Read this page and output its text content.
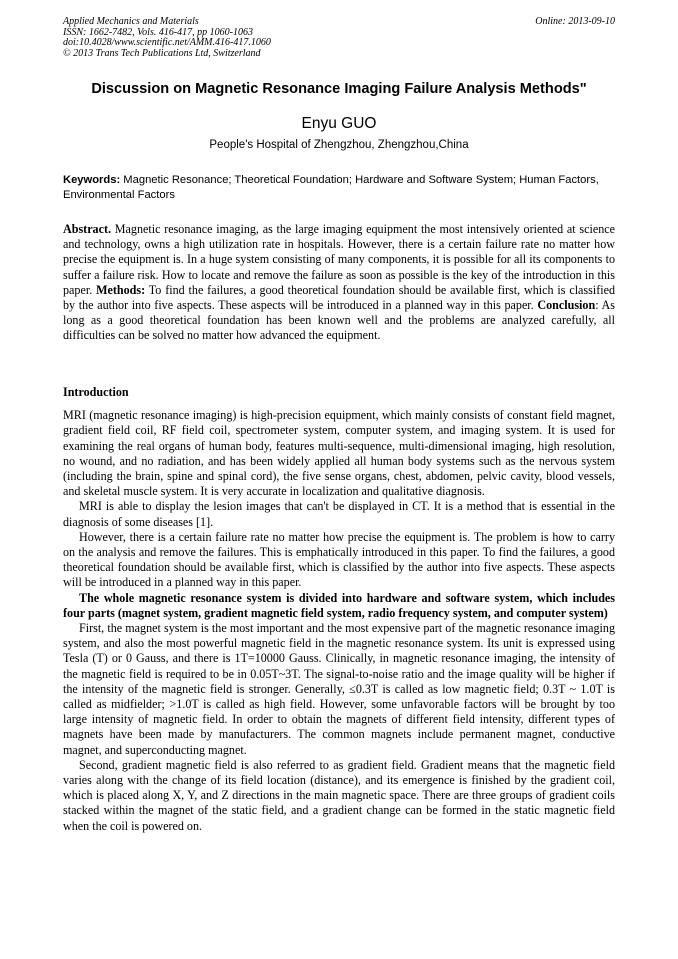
Applied Mechanics and Materials
ISSN: 1662-7482, Vols. 416-417, pp 1060-1063
doi:10.4028/www.scientific.net/AMM.416-417.1060
© 2013 Trans Tech Publications Ltd, Switzerland
Online: 2013-09-10
Discussion on Magnetic Resonance Imaging Failure Analysis Methods"
Enyu GUO
People's Hospital of Zhengzhou, Zhengzhou,China
Keywords: Magnetic Resonance; Theoretical Foundation; Hardware and Software System; Human Factors, Environmental Factors
Abstract. Magnetic resonance imaging, as the large imaging equipment the most intensively oriented at science and technology, owns a high utilization rate in hospitals. However, there is a certain failure rate no matter how precise the equipment is. In a huge system consisting of many components, it is possible for all its components to suffer a failure risk. How to locate and remove the failure as soon as possible is the key of the introduction in this paper. Methods: To find the failures, a good theoretical foundation should be available first, which is classified by the author into five aspects. These aspects will be introduced in a planned way in this paper. Conclusion: As long as a good theoretical foundation has been known well and the problems are analyzed carefully, all difficulties can be solved no matter how advanced the equipment.
Introduction

MRI (magnetic resonance imaging) is high-precision equipment, which mainly consists of constant field magnet, gradient field coil, RF field coil, spectrometer system, computer system, and imaging system. It is used for examining the real organs of human body, features multi-sequence, multi-dimensional imaging, high resolution, no wound, and no radiation, and has been widely applied all human body systems such as the nervous system (including the brain, spine and spinal cord), the five sense organs, chest, abdomen, pelvic cavity, blood vessels, and skeletal muscle system. It is very accurate in localization and qualitative diagnosis.

MRI is able to display the lesion images that can't be displayed in CT. It is a method that is essential in the diagnosis of some diseases [1].

However, there is a certain failure rate no matter how precise the equipment is. The problem is how to carry on the analysis and remove the failures. This is emphatically introduced in this paper. To find the failures, a good theoretical foundation should be available first, which is classified by the author into five aspects. These aspects will be introduced in a planned way in this paper.

The whole magnetic resonance system is divided into hardware and software system, which includes four parts (magnet system, gradient magnetic field system, radio frequency system, and computer system)

First, the magnet system is the most important and the most expensive part of the magnetic resonance imaging system, and also the most powerful magnetic field in the magnetic resonance system. Its unit is expressed using Tesla (T) or 0 Gauss, and there is 1T=10000 Gauss. Clinically, in magnetic resonance imaging, the intensity of the magnetic field is required to be in 0.05T~3T. The signal-to-noise ratio and the image quality will be higher if the intensity of the magnetic field is stronger. Generally, ≤0.3T is called as low magnetic field; 0.3T ~ 1.0T is called as midfielder; >1.0T is called as high field. However, some unfavorable factors will be brought by too large intensity of magnetic field. In order to obtain the magnets of different field intensity, different types of magnets have been made by manufacturers. The common magnets include permanent magnet, conductive magnet, and superconducting magnet.

Second, gradient magnetic field is also referred to as gradient field. Gradient means that the magnetic field varies along with the change of its field location (distance), and its emergence is finished by the gradient coil, which is placed along X, Y, and Z directions in the main magnetic space. There are three groups of gradient coils stacked within the magnet of the static field, and a gradient change can be formed in the static magnetic field when the coil is powered on.
